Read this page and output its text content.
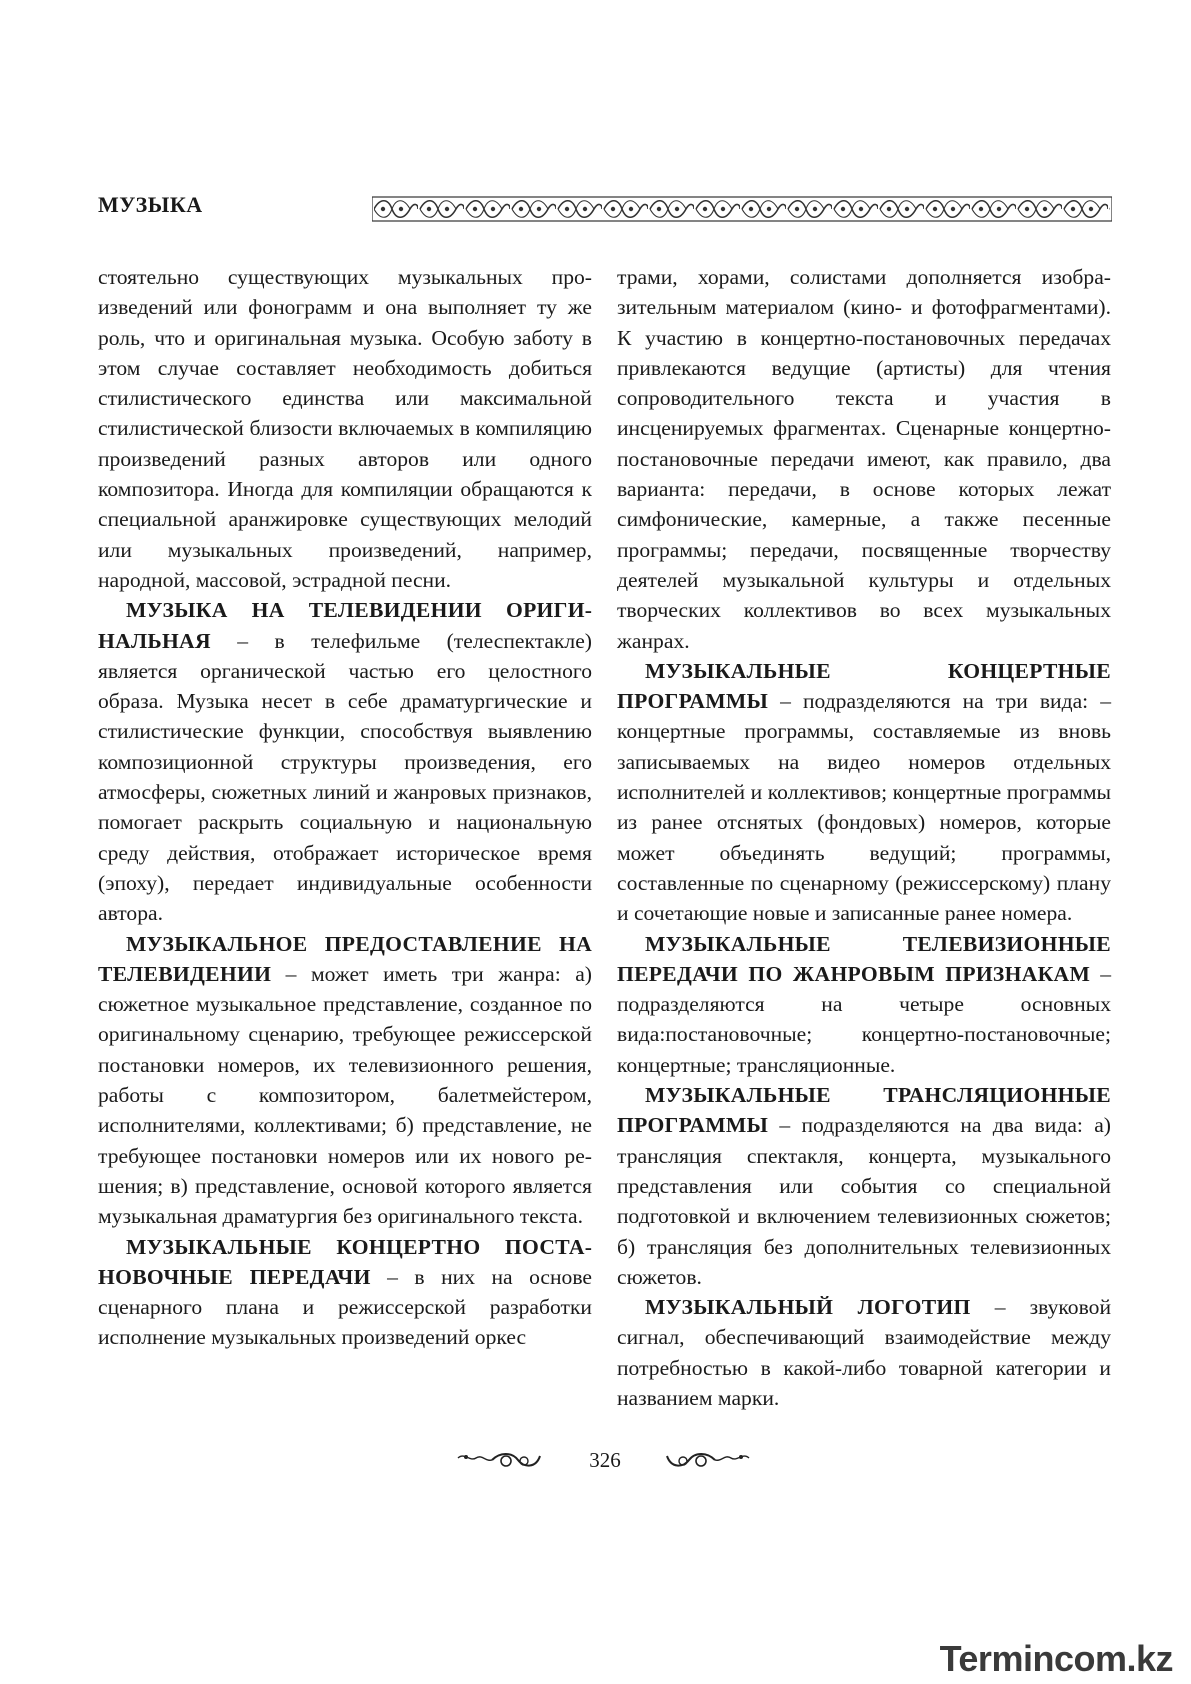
МУЗЫКА

стоятельно существующих музыкальных произведений или фонограмм и она выполняет ту же роль, что и оригинальная музыка. Особую заботу в этом случае составляет необходимость добиться стилистического единства или максимальной стилистической близости включаемых в компиляцию произведений разных авторов или одного композитора. Иногда для компиляции обращаются к специальной аранжировке существующих мелодий или музыкальных произведений, например, народной, массовой, эстрадной песни.

МУЗЫКА НА ТЕЛЕВИДЕНИИ ОРИГИНАЛЬНАЯ – в телефильме (телеспектакле) является органической частью его целостного образа. Музыка несет в себе драматургические и стилистические функции, способствуя выявлению композиционной структуры произведения, его атмосферы, сюжетных линий и жанровых признаков, помогает раскрыть социальную и национальную среду действия, отображает историческое время (эпоху), передает индивидуальные особенности автора.

МУЗЫКАЛЬНОЕ ПРЕДОСТАВЛЕНИЕ НА ТЕЛЕВИДЕНИИ – может иметь три жанра: а) сюжетное музыкальное представление, созданное по оригинальному сценарию, требующее режиссерской постановки номеров, их телевизионного решения, работы с композитором, балетмейстером, исполнителями, коллективами; б) представление, не требующее постановки номеров или их нового решения; в) представление, основой которого является музыкальная драматургия без оригинального текста.

МУЗЫКАЛЬНЫЕ КОНЦЕРТНО ПОСТАНОВОЧНЫЕ ПЕРЕДАЧИ – в них на основе сценарного плана и режиссерской разработки исполнение музыкальных произведений оркес

трами, хорами, солистами дополняется изобразительным материалом (кино- и фотофрагментами). К участию в концертно-постановочных передачах привлекаются ведущие (артисты) для чтения сопроводительного текста и участия в инсценируемых фрагментах. Сценарные концертно-постановочные передачи имеют, как правило, два варианта: передачи, в основе которых лежат симфонические, камерные, а также песенные программы; передачи, посвященные творчеству деятелей музыкальной культуры и отдельных творческих коллективов во всех музыкальных жанрах.

МУЗЫКАЛЬНЫЕ КОНЦЕРТНЫЕ ПРОГРАММЫ – подразделяются на три вида: – концертные программы, составляемые из вновь записываемых на видео номеров отдельных исполнителей и коллективов; концертные программы из ранее отснятых (фондовых) номеров, которые может объединять ведущий; программы, составленные по сценарному (режиссерскому) плану и сочетающие новые и записанные ранее номера.

МУЗЫКАЛЬНЫЕ ТЕЛЕВИЗИОННЫЕ ПЕРЕДАЧИ ПО ЖАНРОВЫМ ПРИЗНАКАМ – подразделяются на четыре основных вида:постановочные; концертно-постановочные; концертные; трансляционные.

МУЗЫКАЛЬНЫЕ ТРАНСЛЯЦИОННЫЕ ПРОГРАММЫ – подразделяются на два вида: а) трансляция спектакля, концерта, музыкального представления или события со специальной подготовкой и включением телевизионных сюжетов; б) трансляция без дополнительных телевизионных сюжетов.

МУЗЫКАЛЬНЫЙ ЛОГОТИП – звуковой сигнал, обеспечивающий взаимодействие между потребностью в какой-либо товарной категории и названием марки.

326
Termincom.kz
